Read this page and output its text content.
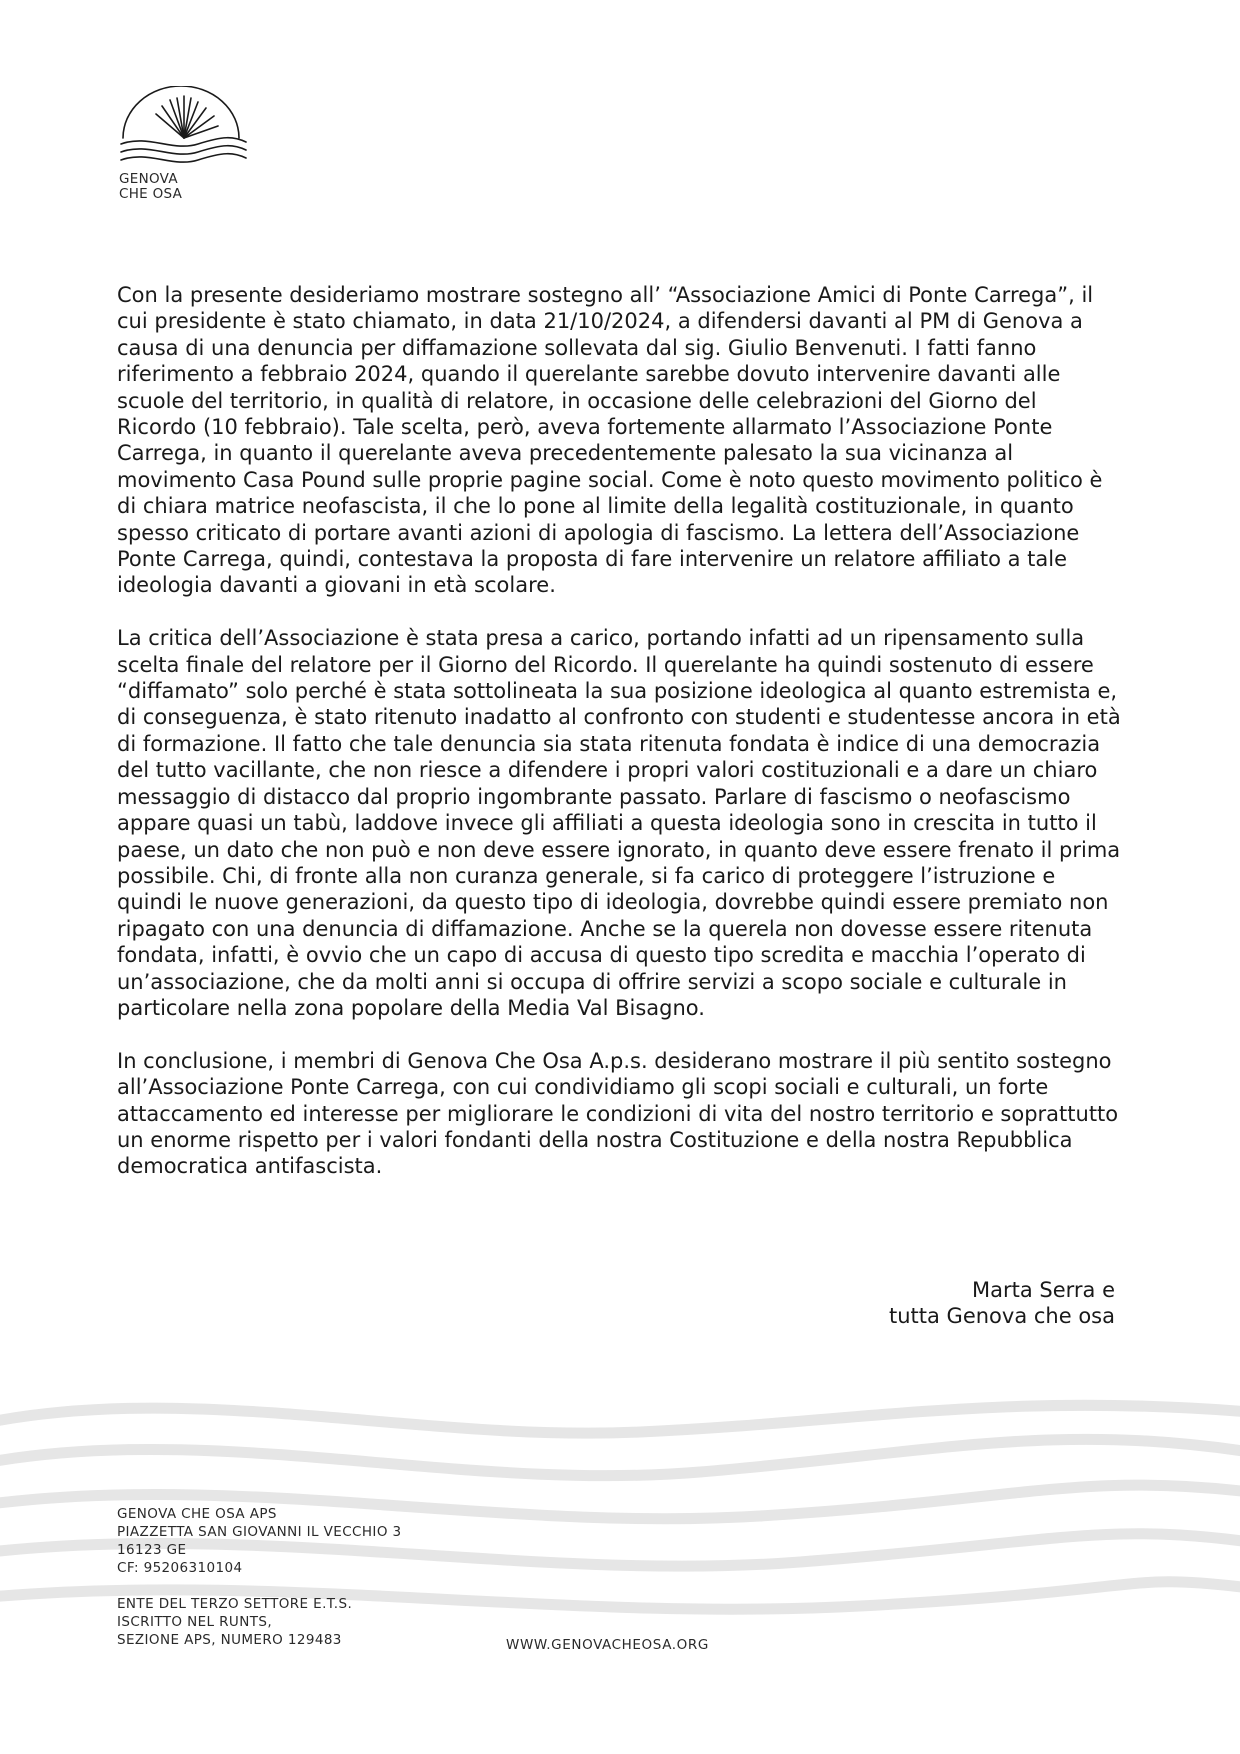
GENOVA
CHE OSA

Con la presente desideriamo mostrare sostegno all’ “Associazione Amici di Ponte Carrega”, il cui presidente è stato chiamato, in data 21/10/2024, a difendersi davanti al PM di Genova a causa di una denuncia per diffamazione sollevata dal sig. Giulio Benvenuti. I fatti fanno riferimento a febbraio 2024, quando il querelante sarebbe dovuto intervenire davanti alle scuole del territorio, in qualità di relatore, in occasione delle celebrazioni del Giorno del Ricordo (10 febbraio). Tale scelta, però, aveva fortemente allarmato l’Associazione Ponte Carrega, in quanto il querelante aveva precedentemente palesato la sua vicinanza al movimento Casa Pound sulle proprie pagine social. Come è noto questo movimento politico è di chiara matrice neofascista, il che lo pone al limite della legalità costituzionale, in quanto spesso criticato di portare avanti azioni di apologia di fascismo. La lettera dell’Associazione Ponte Carrega, quindi, contestava la proposta di fare intervenire un relatore affiliato a tale ideologia davanti a giovani in età scolare.

La critica dell’Associazione è stata presa a carico, portando infatti ad un ripensamento sulla scelta finale del relatore per il Giorno del Ricordo. Il querelante ha quindi sostenuto di essere “diffamato” solo perché è stata sottolineata la sua posizione ideologica al quanto estremista e, di conseguenza, è stato ritenuto inadatto al confronto con studenti e studentesse ancora in età di formazione. Il fatto che tale denuncia sia stata ritenuta fondata è indice di una democrazia del tutto vacillante, che non riesce a difendere i propri valori costituzionali e a dare un chiaro messaggio di distacco dal proprio ingombrante passato. Parlare di fascismo o neofascismo appare quasi un tabù, laddove invece gli affiliati a questa ideologia sono in crescita in tutto il paese, un dato che non può e non deve essere ignorato, in quanto deve essere frenato il prima possibile. Chi, di fronte alla non curanza generale, si fa carico di proteggere l’istruzione e quindi le nuove generazioni, da questo tipo di ideologia, dovrebbe quindi essere premiato non ripagato con una denuncia di diffamazione. Anche se la querela non dovesse essere ritenuta fondata, infatti, è ovvio che un capo di accusa di questo tipo scredita e macchia l’operato di un’associazione, che da molti anni si occupa di offrire servizi a scopo sociale e culturale in particolare nella zona popolare della Media Val Bisagno.

In conclusione, i membri di Genova Che Osa A.p.s. desiderano mostrare il più sentito sostegno all’Associazione Ponte Carrega, con cui condividiamo gli scopi sociali e culturali, un forte attaccamento ed interesse per migliorare le condizioni di vita del nostro territorio e soprattutto un enorme rispetto per i valori fondanti della nostra Costituzione e della nostra Repubblica democratica antifascista.

Marta Serra e
tutta Genova che osa
GENOVA CHE OSA APS
PIAZZETTA SAN GIOVANNI IL VECCHIO 3
16123 GE
CF: 95206310104
ENTE DEL TERZO SETTORE E.T.S.
ISCRITTO NEL RUNTS,
SEZIONE APS, NUMERO 129483	WWW.GENOVACHEOSA.ORG
